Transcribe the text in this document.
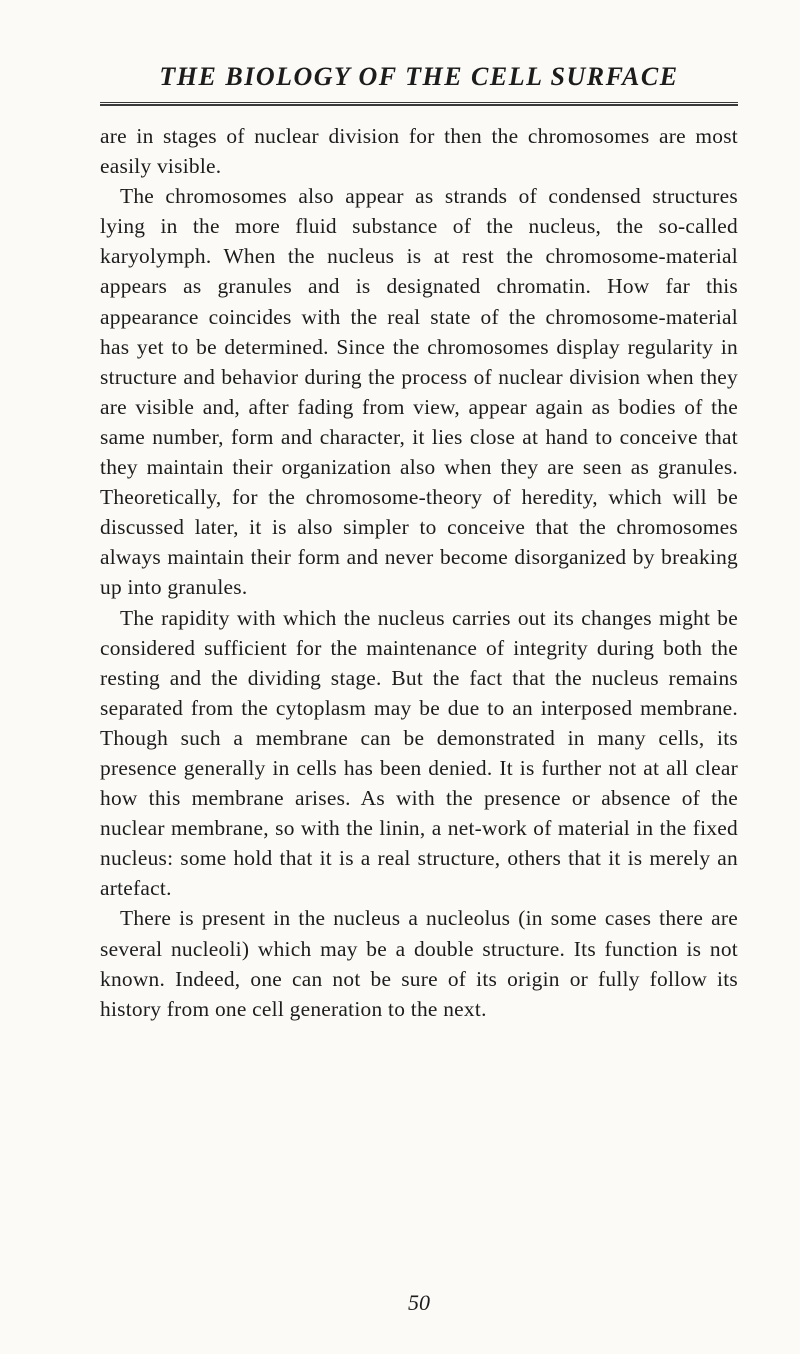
THE BIOLOGY OF THE CELL SURFACE

are in stages of nuclear division for then the chromosomes are most easily visible.

The chromosomes also appear as strands of condensed structures lying in the more fluid substance of the nucleus, the so-called karyolymph. When the nucleus is at rest the chromosome-material appears as granules and is designated chromatin. How far this appearance coincides with the real state of the chromosome-material has yet to be determined. Since the chromosomes display regularity in structure and behavior during the process of nuclear division when they are visible and, after fading from view, appear again as bodies of the same number, form and character, it lies close at hand to conceive that they maintain their organization also when they are seen as granules. Theoretically, for the chromosome-theory of heredity, which will be discussed later, it is also simpler to conceive that the chromosomes always maintain their form and never become disorganized by breaking up into granules.

The rapidity with which the nucleus carries out its changes might be considered sufficient for the maintenance of integrity during both the resting and the dividing stage. But the fact that the nucleus remains separated from the cytoplasm may be due to an interposed membrane. Though such a membrane can be demonstrated in many cells, its presence generally in cells has been denied. It is further not at all clear how this membrane arises. As with the presence or absence of the nuclear membrane, so with the linin, a net-work of material in the fixed nucleus: some hold that it is a real structure, others that it is merely an artefact.

There is present in the nucleus a nucleolus (in some cases there are several nucleoli) which may be a double structure. Its function is not known. Indeed, one can not be sure of its origin or fully follow its history from one cell generation to the next.

50
